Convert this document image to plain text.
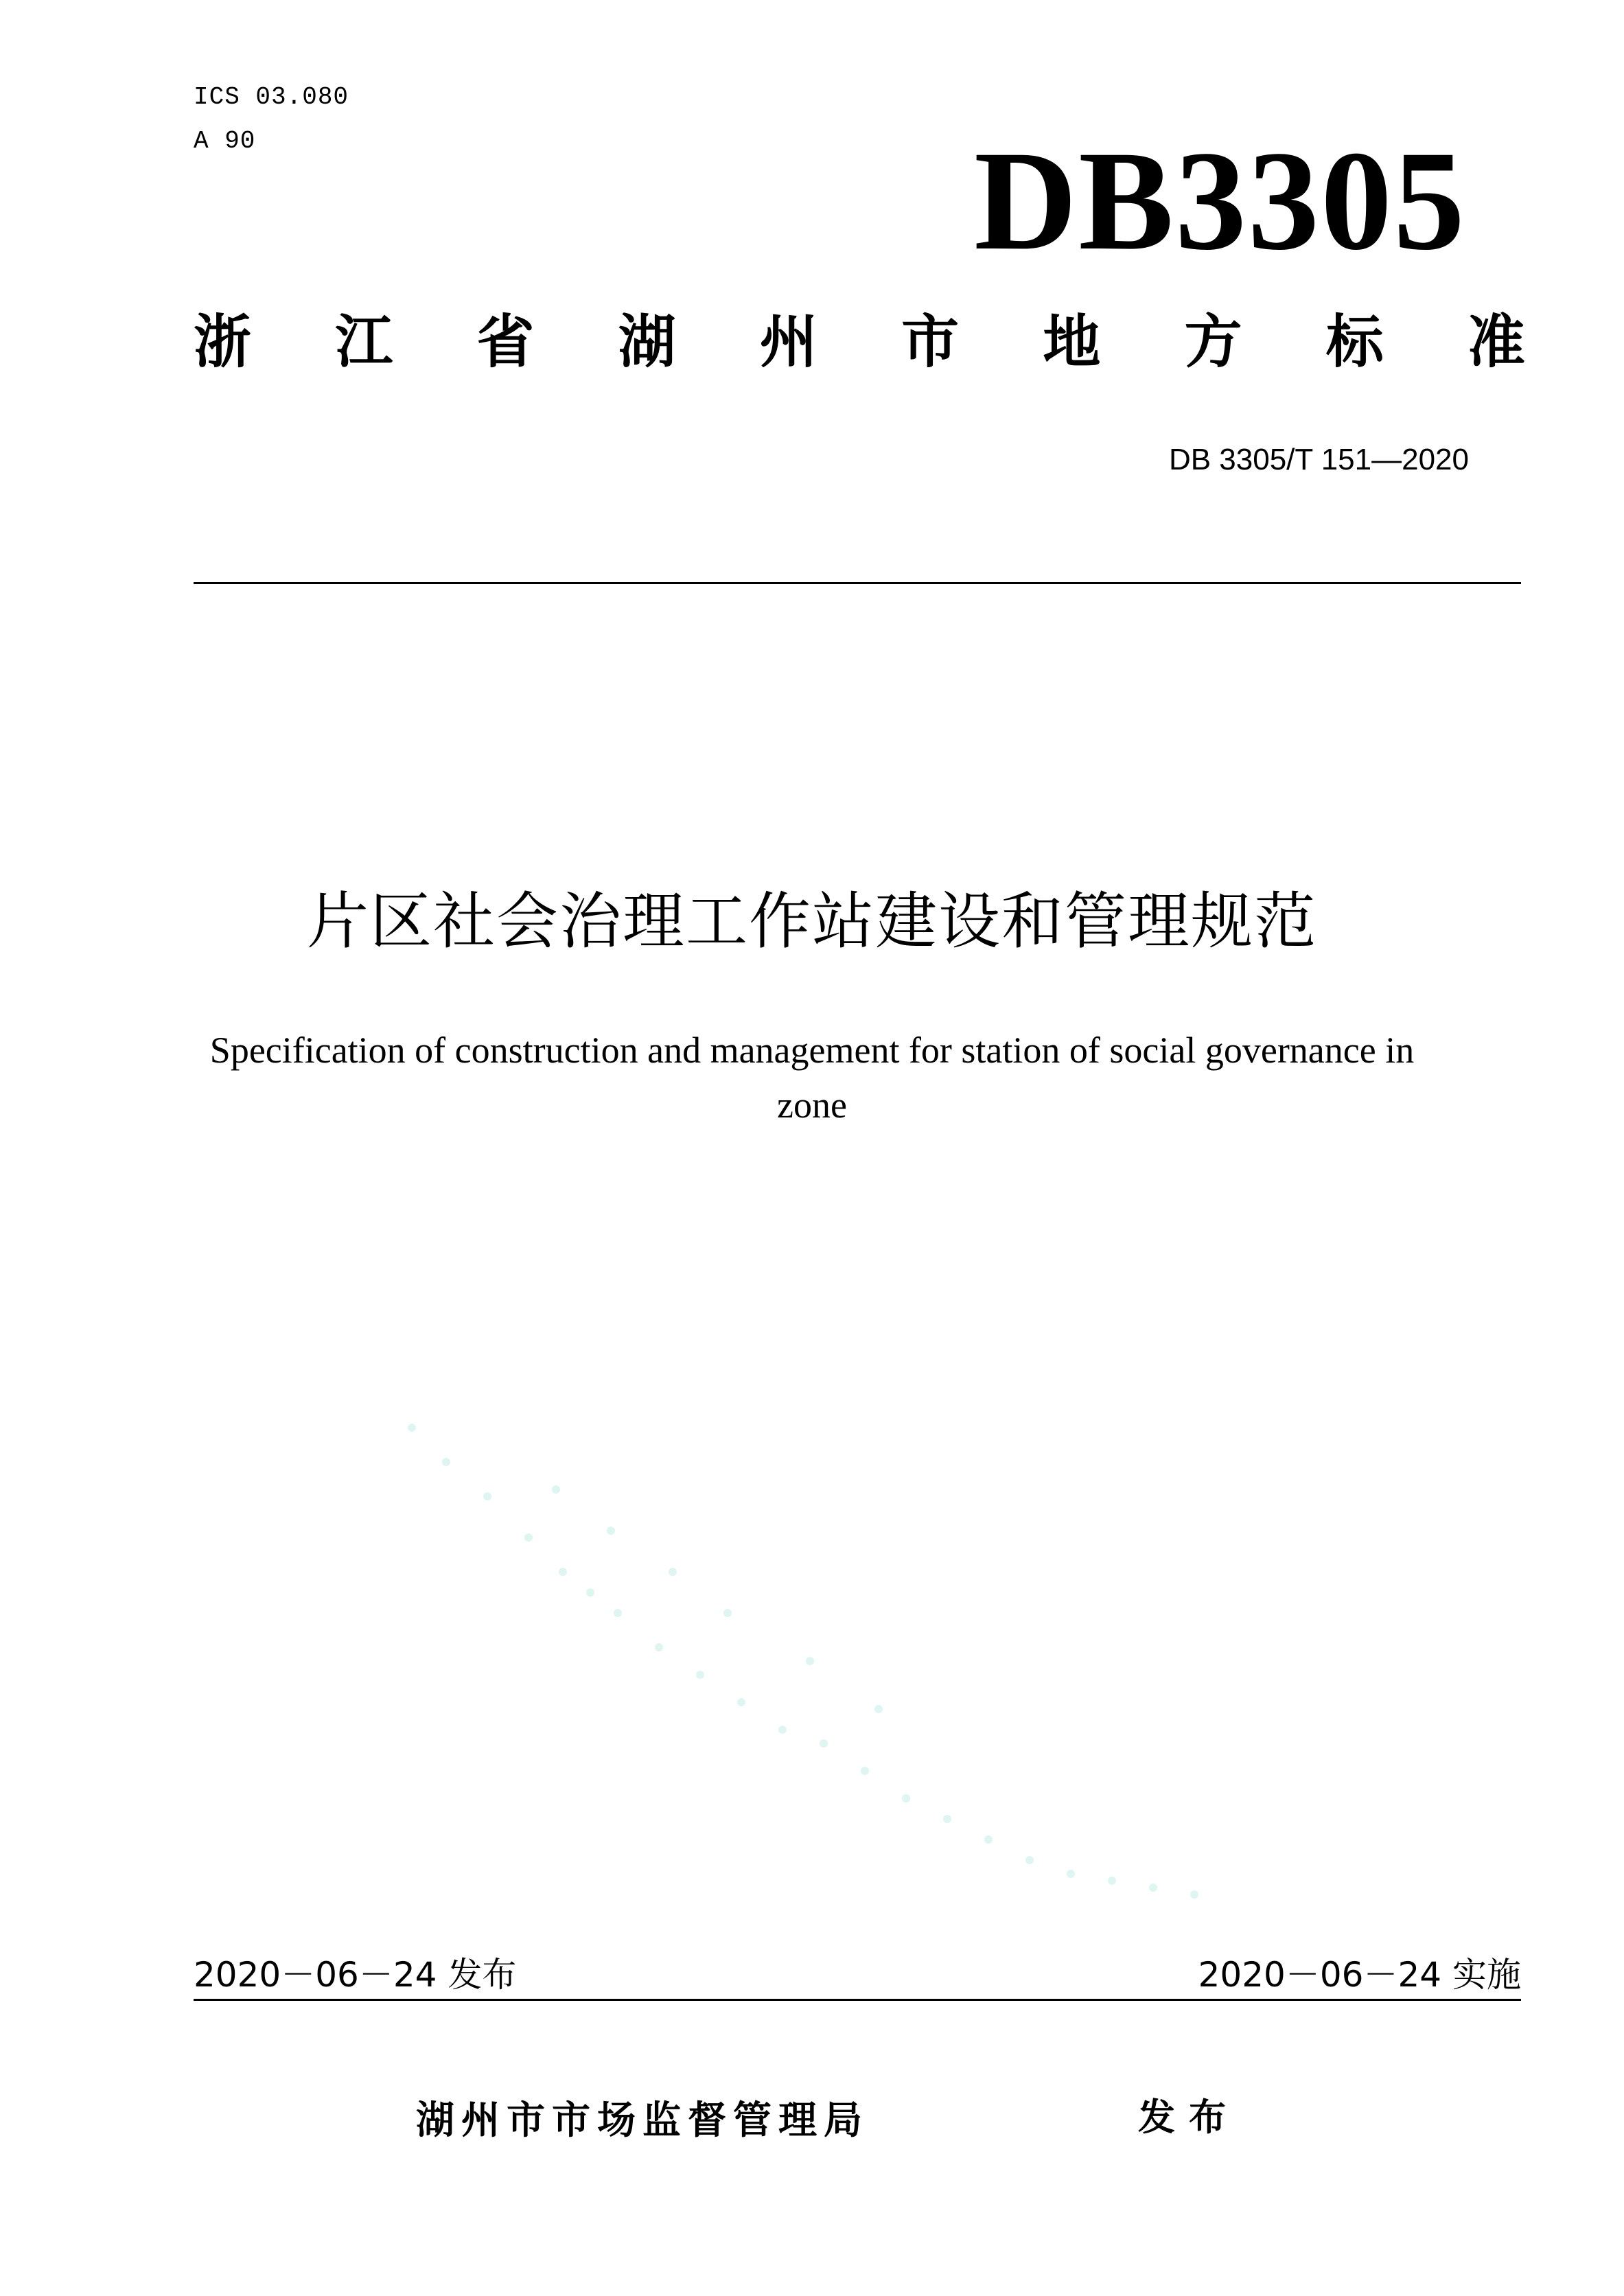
ICS 03.080
A 90	DB3305
浙 江 省 湖 州 市 地 方 标 准
DB 3305/T 151—2020
片区社会治理工作站建设和管理规范
Specification of construction and management for station of social governance in
zone
2020－06－24 发布	2020－06－24 实施
湖州市市场监督管理局	发布
